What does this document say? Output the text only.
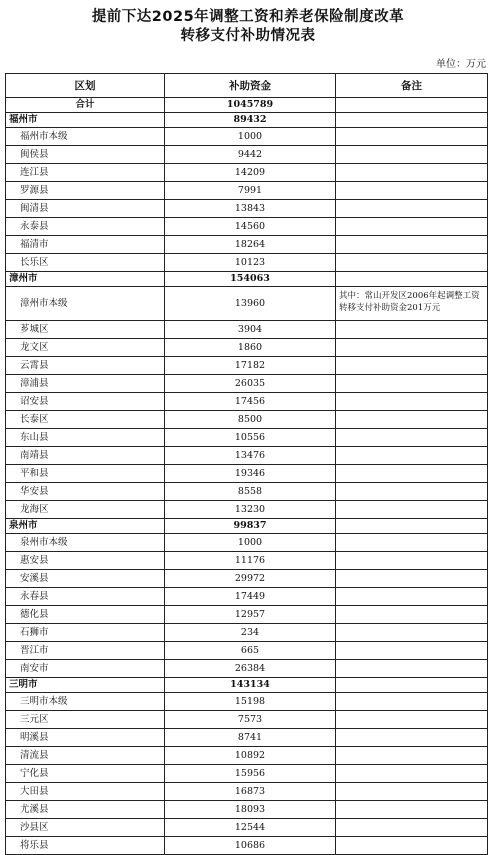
提前下达2025年调整工资和养老保险制度改革
转移支付补助情况表
单位：万元
区划	补助资金	备注
合计	1045789	
福州市	89432	
福州市本级	1000	
闽侯县	9442	
连江县	14209	
罗源县	7991	
闽清县	13843	
永泰县	14560	
福清市	18264	
长乐区	10123	
漳州市	154063	
漳州市本级	13960	其中：常山开发区2006年起调整工资转移支付补助资金201万元
芗城区	3904	
龙文区	1860	
云霄县	17182	
漳浦县	26035	
诏安县	17456	
长泰区	8500	
东山县	10556	
南靖县	13476	
平和县	19346	
华安县	8558	
龙海区	13230	
泉州市	99837	
泉州市本级	1000	
惠安县	11176	
安溪县	29972	
永春县	17449	
德化县	12957	
石狮市	234	
晋江市	665	
南安市	26384	
三明市	143134	
三明市本级	15198	
三元区	7573	
明溪县	8741	
清流县	10892	
宁化县	15956	
大田县	16873	
尤溪县	18093	
沙县区	12544	
将乐县	10686	
